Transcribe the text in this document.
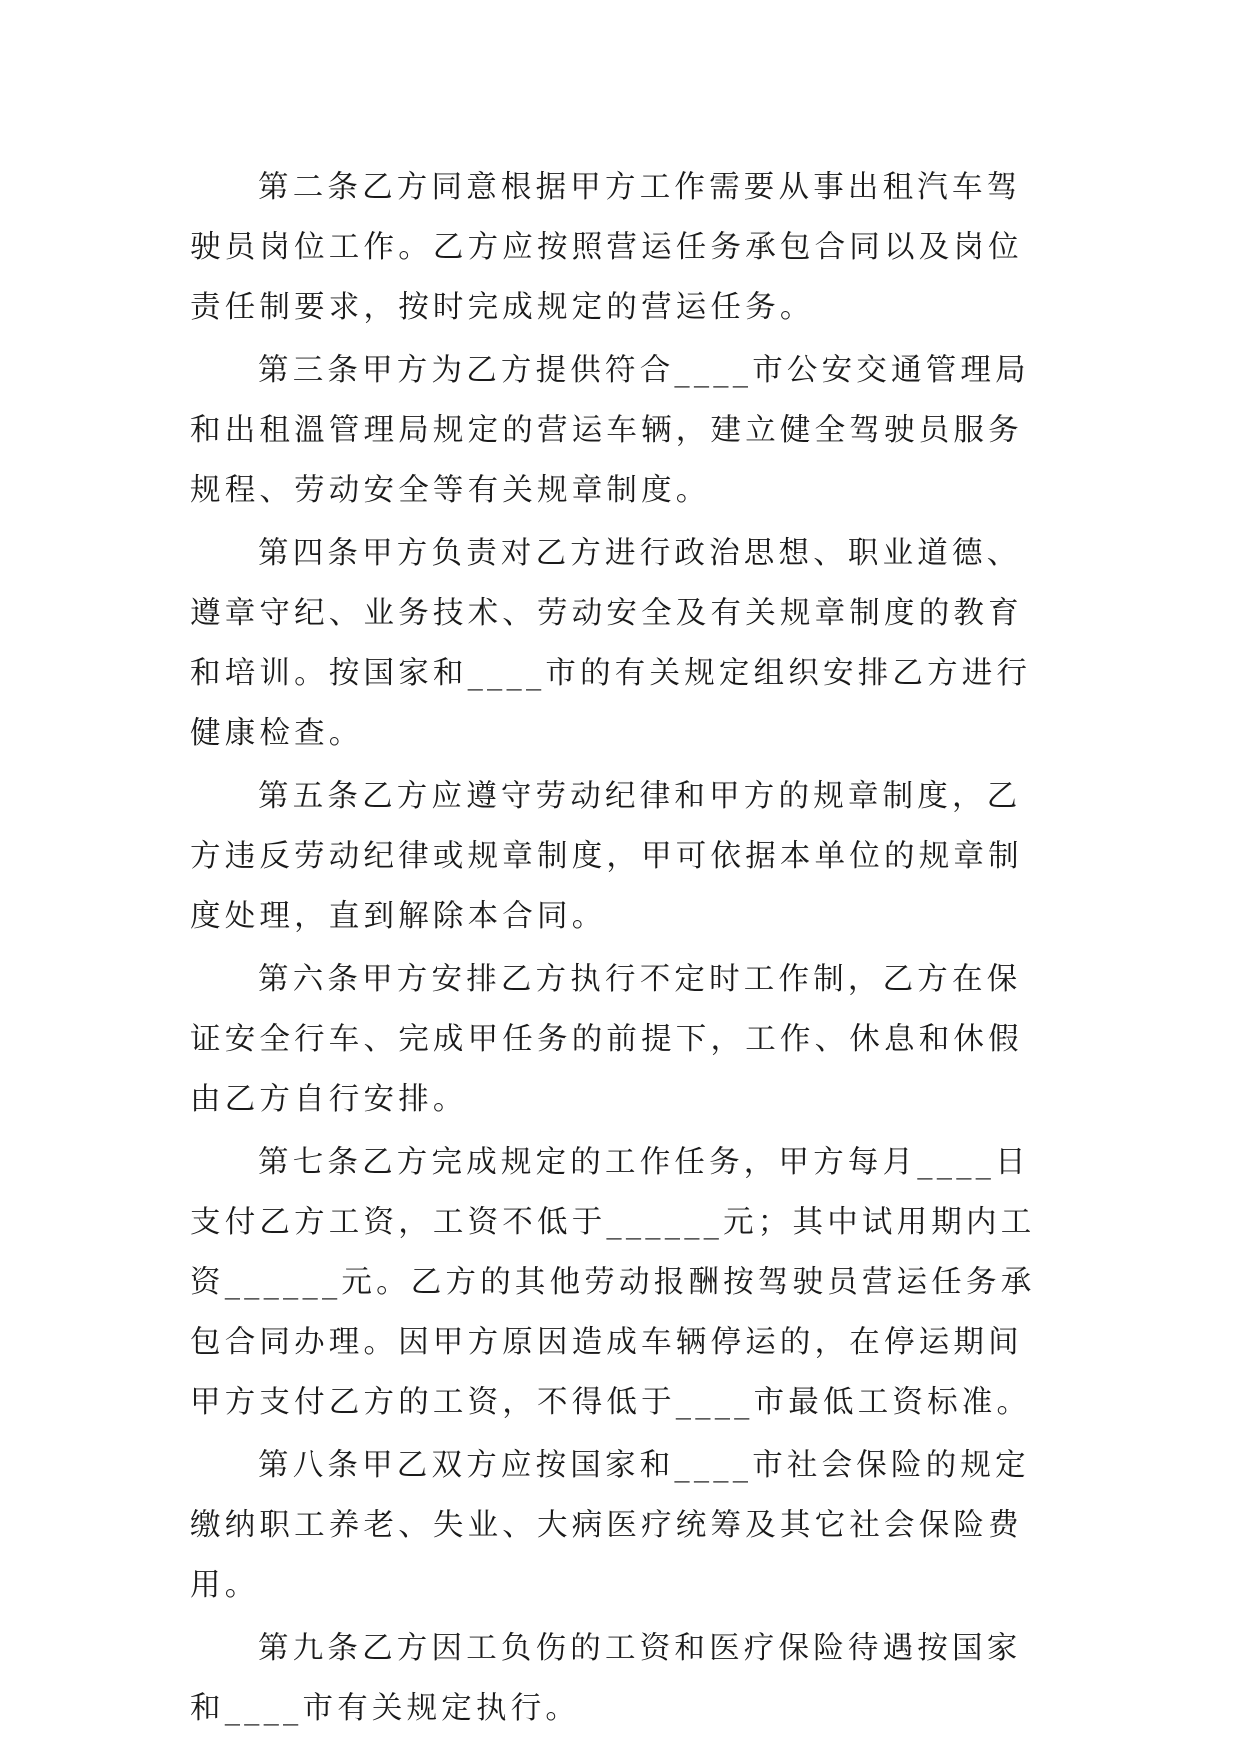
第二条乙方同意根据甲方工作需要从事出租汽车驾驶员岗位工作。乙方应按照营运任务承包合同以及岗位责任制要求，按时完成规定的营运任务。

第三条甲方为乙方提供符合____市公安交通管理局和出租溫管理局规定的营运车辆，建立健全驾驶员服务规程、劳动安全等有关规章制度。

第四条甲方负责对乙方进行政治思想、职业道德、遵章守纪、业务技术、劳动安全及有关规章制度的教育和培训。按国家和____市的有关规定组织安排乙方进行健康检查。

第五条乙方应遵守劳动纪律和甲方的规章制度，乙方违反劳动纪律或规章制度，甲可依据本单位的规章制度处理，直到解除本合同。

第六条甲方安排乙方执行不定时工作制，乙方在保证安全行车、完成甲任务的前提下，工作、休息和休假由乙方自行安排。

第七条乙方完成规定的工作任务，甲方每月____日支付乙方工资，工资不低于______元；其中试用期内工资______元。乙方的其他劳动报酬按驾驶员营运任务承包合同办理。因甲方原因造成车辆停运的，在停运期间甲方支付乙方的工资，不得低于____市最低工资标准。

第八条甲乙双方应按国家和____市社会保险的规定缴纳职工养老、失业、大病医疗统筹及其它社会保险费用。

第九条乙方因工负伤的工资和医疗保险待遇按国家和____市有关规定执行。
